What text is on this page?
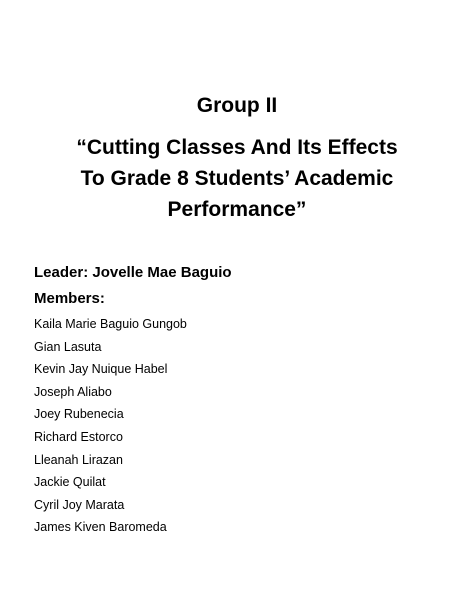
Group II
“Cutting Classes And Its Effects
To Grade 8 Students’ Academic
Performance”
Leader: Jovelle Mae Baguio
Members:
Kaila Marie Baguio Gungob
Gian Lasuta
Kevin Jay Nuique Habel
Joseph Aliabo
Joey Rubenecia
Richard Estorco
Lleanah Lirazan
Jackie Quilat
Cyril Joy Marata
James Kiven Baromeda
